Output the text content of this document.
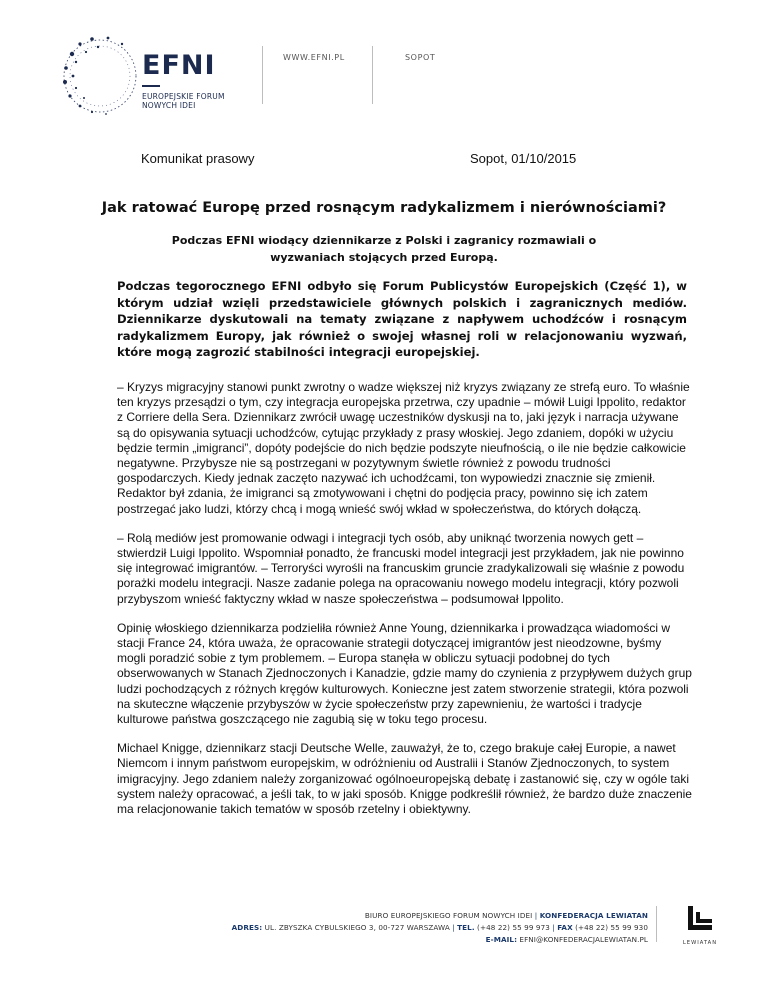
EFNI
EUROPEJSKIE FORUM
NOWYCH IDEI
WWW.EFNI.PL	SOPOT
Komunikat prasowy	Sopot, 01/10/2015
Jak ratować Europę przed rosnącym radykalizmem i nierównościami?
Podczas EFNI wiodący dziennikarze z Polski i zagranicy rozmawiali o wyzwaniach stojących przed Europą.
Podczas tegorocznego EFNI odbyło się Forum Publicystów Europejskich (Część 1), w którym udział wzięli przedstawiciele głównych polskich i zagranicznych mediów. Dziennikarze dyskutowali na tematy związane z napływem uchodźców i rosnącym radykalizmem Europy, jak również o swojej własnej roli w relacjonowaniu wyzwań, które mogą zagrozić stabilności integracji europejskiej.

– Kryzys migracyjny stanowi punkt zwrotny o wadze większej niż kryzys związany ze strefą euro. To właśnie ten kryzys przesądzi o tym, czy integracja europejska przetrwa, czy upadnie – mówił Luigi Ippolito, redaktor z Corriere della Sera. Dziennikarz zwrócił uwagę uczestników dyskusji na to, jaki język i narracja używane są do opisywania sytuacji uchodźców, cytując przykłady z prasy włoskiej. Jego zdaniem, dopóki w użyciu będzie termin „imigranci”, dopóty podejście do nich będzie podszyte nieufnością, o ile nie będzie całkowicie negatywne. Przybysze nie są postrzegani w pozytywnym świetle również z powodu trudności gospodarczych. Kiedy jednak zaczęto nazywać ich uchodźcami, ton wypowiedzi znacznie się zmienił. Redaktor był zdania, że imigranci są zmotywowani i chętni do podjęcia pracy, powinno się ich zatem postrzegać jako ludzi, którzy chcą i mogą wnieść swój wkład w społeczeństwa, do których dołączą.

– Rolą mediów jest promowanie odwagi i integracji tych osób, aby uniknąć tworzenia nowych gett – stwierdził Luigi Ippolito. Wspomniał ponadto, że francuski model integracji jest przykładem, jak nie powinno się integrować imigrantów. – Terroryści wyrośli na francuskim gruncie zradykalizowali się właśnie z powodu porażki modelu integracji. Nasze zadanie polega na opracowaniu nowego modelu integracji, który pozwoli przybyszom wnieść faktyczny wkład w nasze społeczeństwa – podsumował Ippolito.

Opinię włoskiego dziennikarza podzieliła również Anne Young, dziennikarka i prowadząca wiadomości w stacji France 24, która uważa, że opracowanie strategii dotyczącej imigrantów jest nieodzowne, byśmy mogli poradzić sobie z tym problemem. – Europa stanęła w obliczu sytuacji podobnej do tych obserwowanych w Stanach Zjednoczonych i Kanadzie, gdzie mamy do czynienia z przypływem dużych grup ludzi pochodzących z różnych kręgów kulturowych. Konieczne jest zatem stworzenie strategii, która pozwoli na skuteczne włączenie przybyszów w życie społeczeństw przy zapewnieniu, że wartości i tradycje kulturowe państwa goszczącego nie zagubią się w toku tego procesu.

Michael Knigge, dziennikarz stacji Deutsche Welle, zauważył, że to, czego brakuje całej Europie, a nawet Niemcom i innym państwom europejskim, w odróżnieniu od Australii i Stanów Zjednoczonych, to system imigracyjny. Jego zdaniem należy zorganizować ogólnoeuropejską debatę i zastanowić się, czy w ogóle taki system należy opracować, a jeśli tak, to w jaki sposób. Knigge podkreślił również, że bardzo duże znaczenie ma relacjonowanie takich tematów w sposób rzetelny i obiektywny.

BIURO EUROPEJSKIEGO FORUM NOWYCH IDEI | KONFEDERACJA LEWIATAN
ADRES: UL. ZBYSZKA CYBULSKIEGO 3, 00-727 WARSZAWA | TEL. (+48 22) 55 99 973 | FAX (+48 22) 55 99 930
E-MAIL: EFNI@KONFEDERACJALEWIATAN.PL	LEWIATAN
